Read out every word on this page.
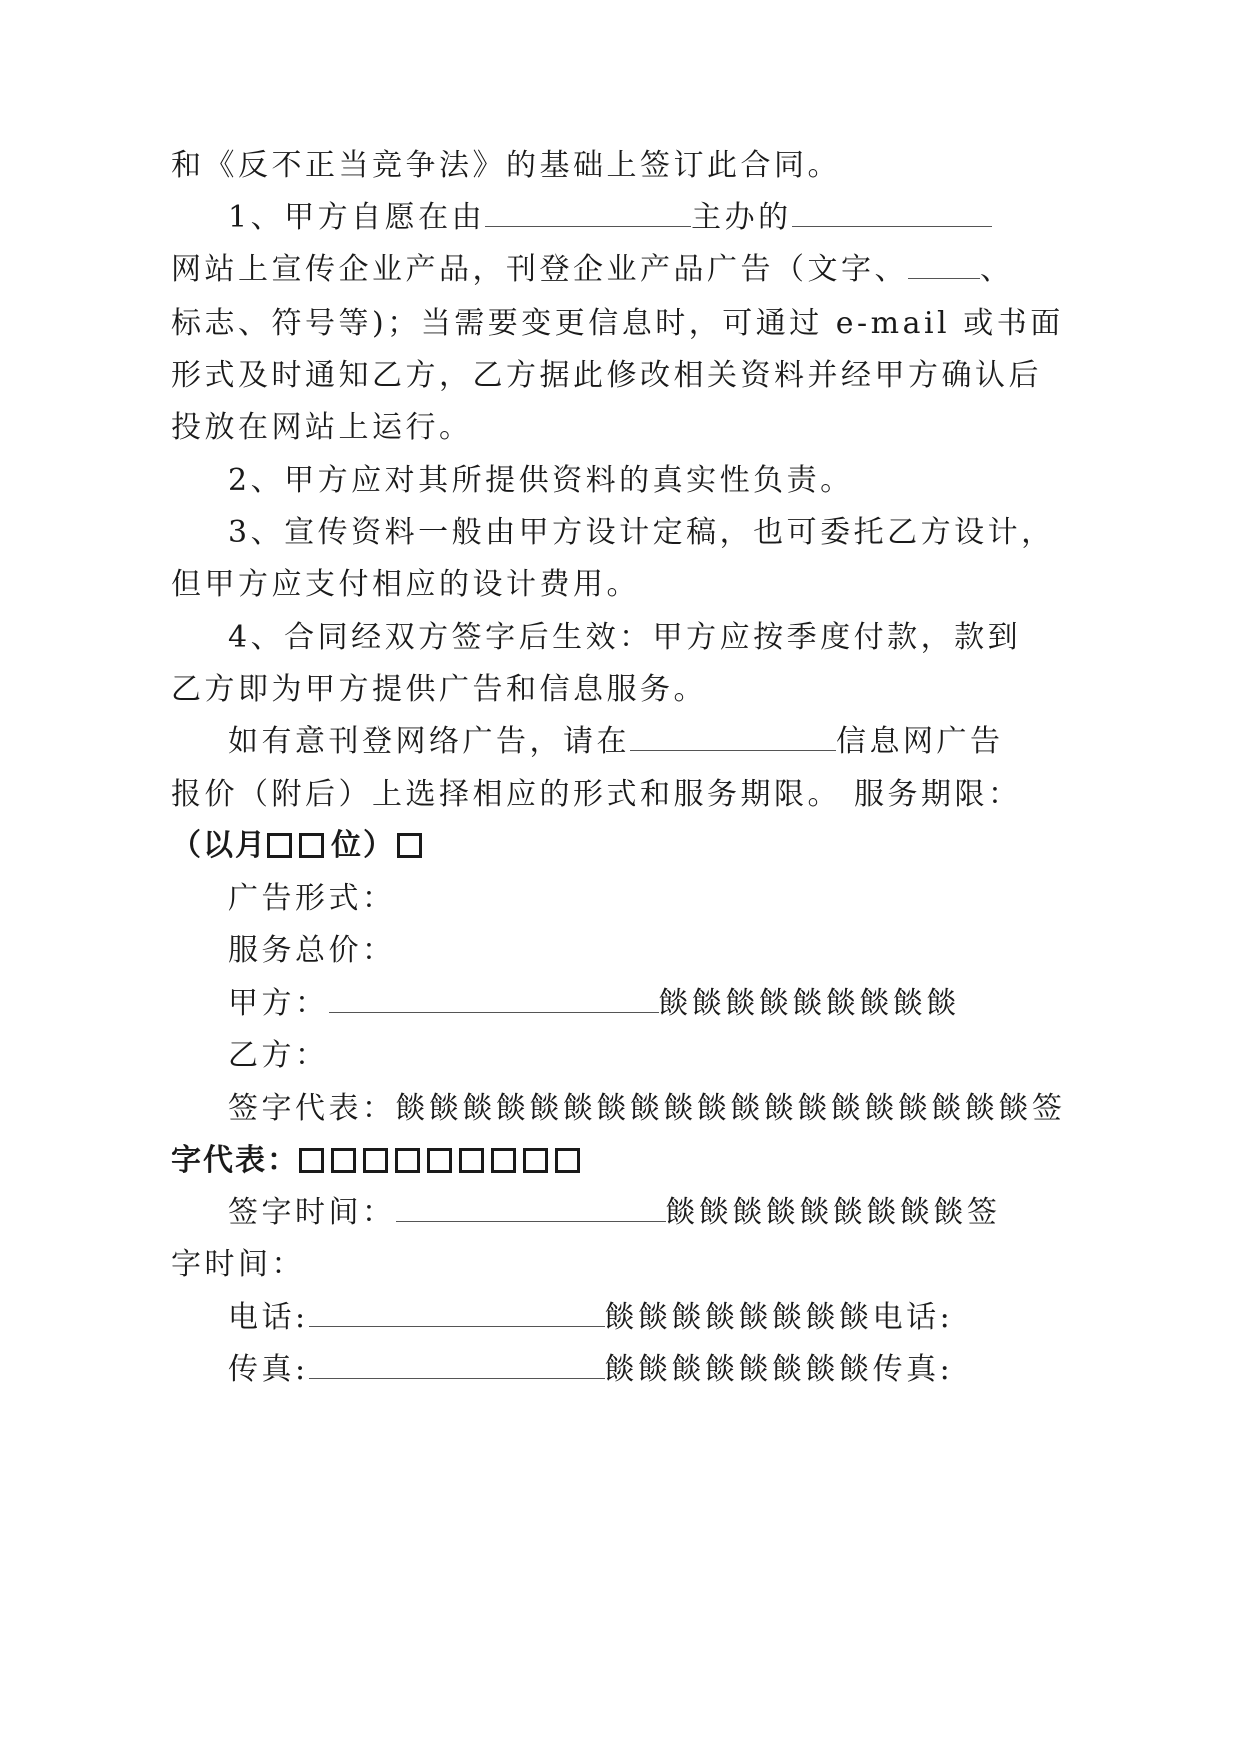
和《反不正当竞争法》的基础上签订此合同。
1、甲方自愿在由	主办的
网站上宣传企业产品，刊登企业产品广告（文字、 、
标志、符号等)；当需要变更信息时，可通过 e-mail 或书面
形式及时通知乙方，乙方据此修改相关资料并经甲方确认后
投放在网站上运行。
2、甲方应对其所提供资料的真实性负责。
3、宣传资料一般由甲方设计定稿，也可委托乙方设计，
但甲方应支付相应的设计费用。
4、合同经双方签字后生效：甲方应按季度付款，款到
乙方即为甲方提供广告和信息服务。
如有意刊登网络广告，请在	信息网广告
报价（附后）上选择相应的形式和服务期限。 服务期限：
（以月 位）
广告形式：
服务总价：
甲方：	餤餤餤餤餤餤餤餤餤
乙方：
签字代表：餤餤餤餤餤餤餤餤餤餤餤餤餤餤餤餤餤餤餤签
字代表：
签字时间：	餤餤餤餤餤餤餤餤餤签
字时间：
电话:	餤餤餤餤餤餤餤餤电话:
传真:	餤餤餤餤餤餤餤餤传真:
